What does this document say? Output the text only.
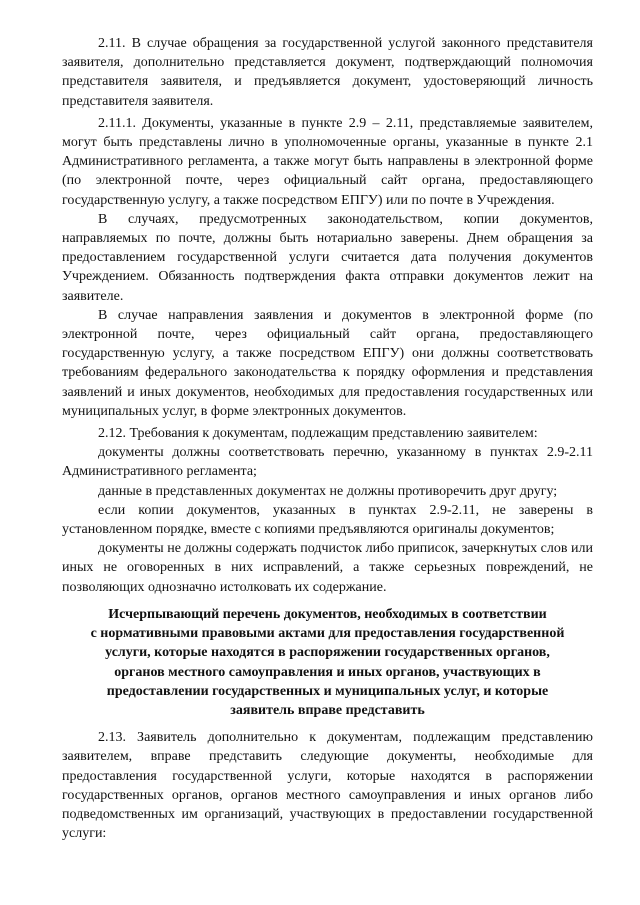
2.11. В случае обращения за государственной услугой законного представителя заявителя, дополнительно представляется документ, подтверждающий полномочия представителя заявителя, и предъявляется документ, удостоверяющий личность представителя заявителя.

2.11.1. Документы, указанные в пункте 2.9 – 2.11, представляемые заявителем, могут быть представлены лично в уполномоченные органы, указанные в пункте 2.1 Административного регламента, а также могут быть направлены в электронной форме (по электронной почте, через официальный сайт органа, предоставляющего государственную услугу, а также посредством ЕПГУ) или по почте в Учреждения.

В случаях, предусмотренных законодательством, копии документов, направляемых по почте, должны быть нотариально заверены. Днем обращения за предоставлением государственной услуги считается дата получения документов Учреждением. Обязанность подтверждения факта отправки документов лежит на заявителе.

В случае направления заявления и документов в электронной форме (по электронной почте, через официальный сайт органа, предоставляющего государственную услугу, а также посредством ЕПГУ) они должны соответствовать требованиям федерального законодательства к порядку оформления и представления заявлений и иных документов, необходимых для предоставления государственных или муниципальных услуг, в форме электронных документов.

2.12. Требования к документам, подлежащим представлению заявителем:

документы должны соответствовать перечню, указанному в пунктах 2.9-2.11 Административного регламента;

данные в представленных документах не должны противоречить друг другу;

если копии документов, указанных в пунктах 2.9-2.11, не заверены в установленном порядке, вместе с копиями предъявляются оригиналы документов;

документы не должны содержать подчисток либо приписок, зачеркнутых слов или иных не оговоренных в них исправлений, а также серьезных повреждений, не позволяющих однозначно истолковать их содержание.

Исчерпывающий перечень документов, необходимых в соответствии
с нормативными правовыми актами для предоставления государственной
услуги, которые находятся в распоряжении государственных органов,
органов местного самоуправления и иных органов, участвующих в
предоставлении государственных и муниципальных услуг, и которые
заявитель вправе представить

2.13. Заявитель дополнительно к документам, подлежащим представлению заявителем, вправе представить следующие документы, необходимые для предоставления государственной услуги, которые находятся в распоряжении государственных органов, органов местного самоуправления и иных органов либо подведомственных им организаций, участвующих в предоставлении государственной услуги:
